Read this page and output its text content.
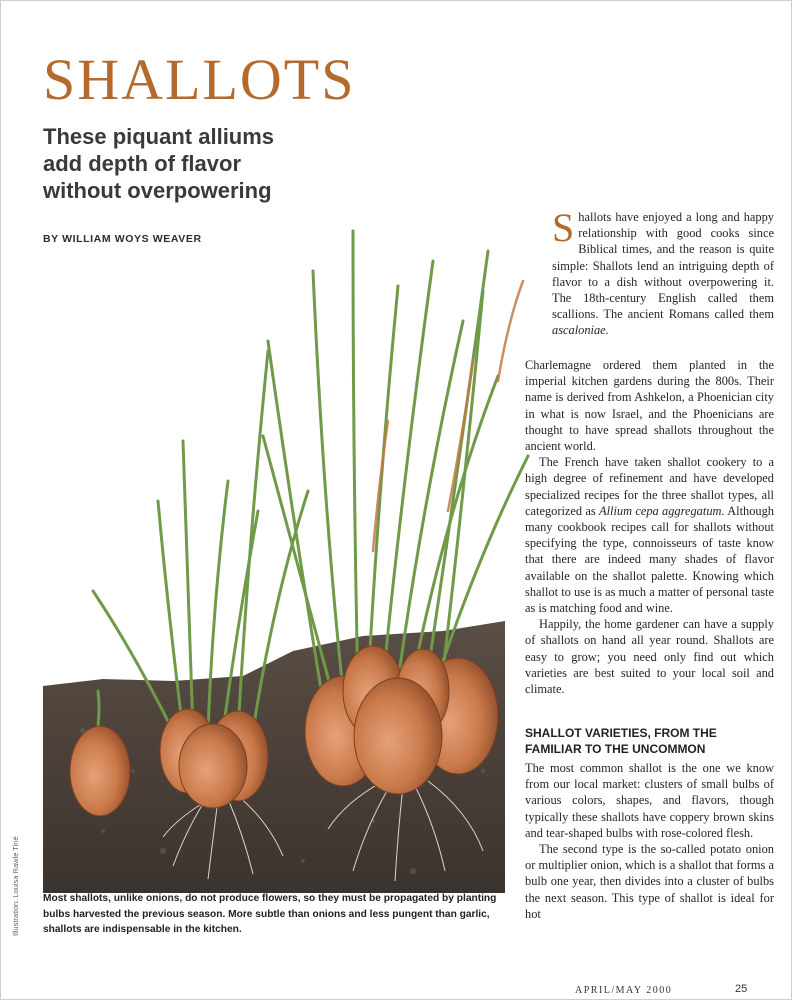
SHALLOTS
These piquant alliums add depth of flavor without overpowering
BY WILLIAM WOYS WEAVER	Shallots have enjoyed a long and happy relationship with good cooks since Biblical times, and the reason is quite simple: Shallots lend an intriguing depth of flavor to a dish without overpowering it. The 18th-century English called them scallions. The ancient Romans called them ascaloniae.

Charlemagne ordered them planted in the imperial kitchen gardens during the 800s. Their name is derived from Ashkelon, a Phoenician city in what is now Israel, and the Phoenicians are thought to have spread shallots throughout the ancient world.

The French have taken shallot cookery to a high degree of refinement and have developed specialized recipes for the three shallot types, all categorized as Allium cepa aggregatum. Although many cookbook recipes call for shallots without specifying the type, connoisseurs of taste know that there are indeed many shades of flavor available on the shallot palette. Knowing which shallot to use is as much a matter of personal taste as is matching food and wine.

Happily, the home gardener can have a supply of shallots on hand all year round. Shallots are easy to grow; you need only find out which varieties are best suited to your local soil and climate.

SHALLOT VARIETIES, FROM THE FAMILIAR TO THE UNCOMMON

The most common shallot is the one we know from our local market: clusters of small bulbs of various colors, shapes, and flavors, though typically these shallots have coppery brown skins and tear-shaped bulbs with rose-colored flesh.

The second type is the so-called potato onion or multiplier onion, which is a shallot that forms a bulb one year, then divides into a cluster of bulbs the next season. This type of shallot is ideal for hot

Most shallots, unlike onions, do not produce flowers, so they must be propagated by planting bulbs harvested the previous season. More subtle than onions and less pungent than garlic, shallots are indispensable in the kitchen.

Illustration: Louisa Rawle Tiné
APRIL/MAY 2000	25
